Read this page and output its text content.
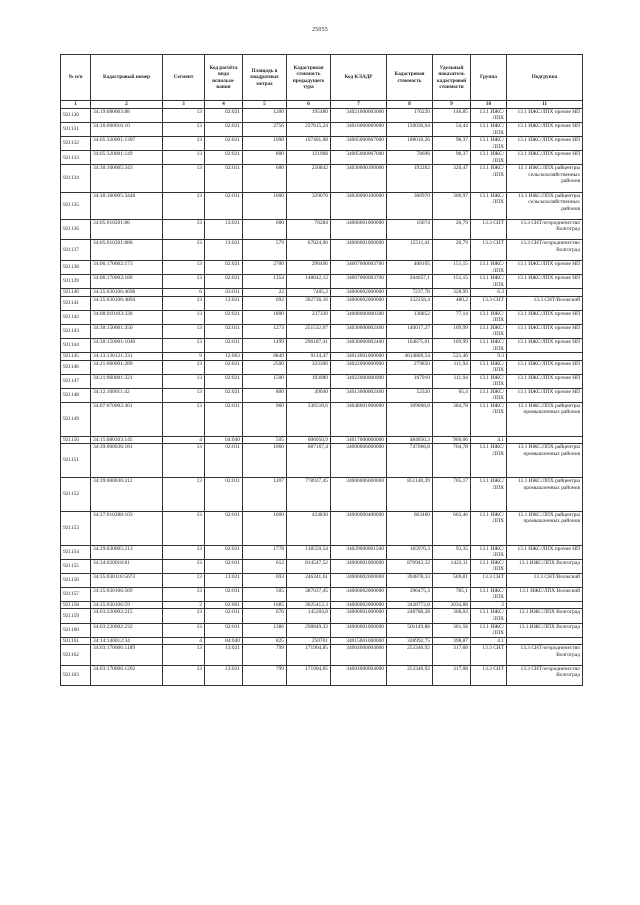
25055
№ п/п	Кадастровый номер	Сегмент	Код расчёта вида использо-вания	Площадь в квадратных метрах	Кадастровая стоимость предыдущего тура	Код КЛАДР	Кадастровая стоимость	Удельный показатель кадастровой стоимости	Группа	Подгруппа
1	2	3	4	5	6	7	8	9	10	11
921130	34:19:080003:88	13	02:021	1200	195480	34021000003000	176220	146,85	13.1 ИЖС/ЛПХ	13.1 ИЖС/ЛПХ прочие НП
921131	34:16:060016:10	13	02:021	2756	237815,24	34016000069000	150036,64	54,44	13.1 ИЖС/ЛПХ	13.1 ИЖС/ЛПХ прочие НП
921132	34:05:320001:1307	13	02:021	1098	167401,08	34005000067000	108010,26	98,37	13.1 ИЖС/ЛПХ	13.1 ИЖС/ЛПХ прочие НП
921133	34:05:320001:149	13	02:021	800	121968	34005000067000	78696	98,37	13.1 ИЖС/ЛПХ	13.1 ИЖС/ЛПХ прочие НП
921134	34:30:160005:343	13	02:011	600	250842	34030000100000	192282	320,47	13.1 ИЖС/ЛПХ	13.1 ИЖС/ЛПХ райцентры сельскохозяйственных районов
921135	34:30:160005:3448	13	02:011	1000	329070	34030000100000	300970	300,97	13.1 ИЖС/ЛПХ	13.1 ИЖС/ЛПХ райцентры сельскохозяйственных районов
921136	34:05:010201:86	13	13:021	600	70284	34006001000000	16074	26,79	13.3 СНТ	13.3 СНТ/огородничество Волгоград
921137	34:05:010201:886	13	13:021	579	67824,06	34006001000000	15511,41	26,79	13.3 СНТ	13.3 СНТ/огородничество Волгоград
921138	34:06:170002:173	13	02:021	2700	296406	34007000003700	408105	151,15	13.1 ИЖС/ЛПХ	13.1 ИЖС/ЛПХ прочие НП
921139	34:06:170002:180	13	02:021	1354	148642,12	34007000003700	204657,1	151,15	13.1 ИЖС/ЛПХ	13.1 ИЖС/ЛПХ прочие НП
921140	34:35:030106:4698	6	03:011	22	7405,2	34000002000000	7237,78	328,99	6.3	
921141	34:35:030106:4894	13	13:021	692	302736,16	34000002000000	332258,4	480,2	13.3 СНТ	13.3 СНТ/Волжский
921142	34:08:010103:328	13	02:021	1800	237330	34008000000300	138852	77,14	13.1 ИЖС/ЛПХ	13.1 ИЖС/ЛПХ прочие НП
921143	34:30:150001:350	13	02:011	1273	251532,07	34030000002400	140017,27	109,99	13.1 ИЖС/ЛПХ	13.1 ИЖС/ЛПХ прочие НП
921144	34:30:150001:1040	13	02:011	1499	296187,41	34030000002400	164875,01	109,99	13.1 ИЖС/ЛПХ	13.1 ИЖС/ЛПХ прочие НП
921145	34:13:130121:331	9	12:003	8849	9114,47	34014001000000	4614809,54	521,46	9.3	
921146	34:21:060001:289	13	02:021	2500	323300	34022000000900	279850	111,94	13.1 ИЖС/ЛПХ	13.1 ИЖС/ЛПХ прочие НП
921147	34:21:060001:321	13	02:021	1500	193980	34022000000900	167910	111,94	13.1 ИЖС/ЛПХ	13.1 ИЖС/ЛПХ прочие НП
921148	34:12:100011:42	13	02:021	800	49040	34013000002400	52320	65,4	13.1 ИЖС/ЛПХ	13.1 ИЖС/ЛПХ прочие НП
921149	34:07:070002:461	13	02:011	960	336518,6	34048001000000	369068,8	384,78	13.1 ИЖС/ЛПХ	13.1 ИЖС/ЛПХ райцентры промышленных районов
921150	34:15:080303:145	4	04:040	505	606050,9	34017000000000	484850,3	960,06	4.1	
921151	34:39:000036:181	13	02:011	1060	687167,4	34000006000000	747066,8	704,78	13.1 ИЖС/ЛПХ	13.1 ИЖС/ЛПХ райцентры промышленных районов
921152	34:39:000036:212	13	02:011	1207	778937,45	34000006000000	851140,39	705,17	13.1 ИЖС/ЛПХ	13.1 ИЖС/ЛПХ райцентры промышленных районов
921153	34:37:010288:103	13	02:011	1000	424830	34000000400000	663460	663,46	13.1 ИЖС/ЛПХ	13.1 ИЖС/ЛПХ райцентры промышленных районов
921154	34:29:030005:213	13	02:021	1778	138559,54	34029000001500	165976,3	93,35	13.1 ИЖС/ЛПХ	13.1 ИЖС/ЛПХ прочие НП
921155	34:34:020018:81	13	02:011	612	814547,52	34000001000000	870943,32	1423,11	13.1 ИЖС/ЛПХ	13.1 ИЖС/ЛПХ Волгоград
921156	34:35:030116:5673	13	13:021	693	246341,61	34000002000000	394878,33	569,81	13.3 СНТ	13.3 СНТ/Волжский
921157	34:35:030106:569	13	02:011	505	387037,45	34000002000000	396475,3	785,1	13.1 ИЖС/ЛПХ	13.1 ИЖС/ЛПХ Волжский
921158	34:35:030106:59	2	02:061	1685	3625412,3	34000002000000	3428772,8	2034,88	2	
921159	34:03:220002:215	13	02:011	676	145204,8	34000001000000	248788,28	368,03	13.1 ИЖС/ЛПХ	13.1 ИЖС/ЛПХ Волгоград
921160	34:03:220002:232	13	02:011	1386	298849,32	34000001000000	501149,88	361,58	13.1 ИЖС/ЛПХ	13.1 ИЖС/ЛПХ Волгоград
921161	34:14:140012:34	4	04:040	825	250701	34015001000000	328992,75	398,87	4.1	
921162	34:03:170006:1189	13	13:021	799	171904,85	34004000004000	253346,92	317,08	13.3 СНТ	13.3 СНТ/огородничество Волгоград
921163	34:03:170006:1202	13	13:021	799	171904,85	34004000004000	253346,92	317,08	13.3 СНТ	13.3 СНТ/огородничество Волгоград
